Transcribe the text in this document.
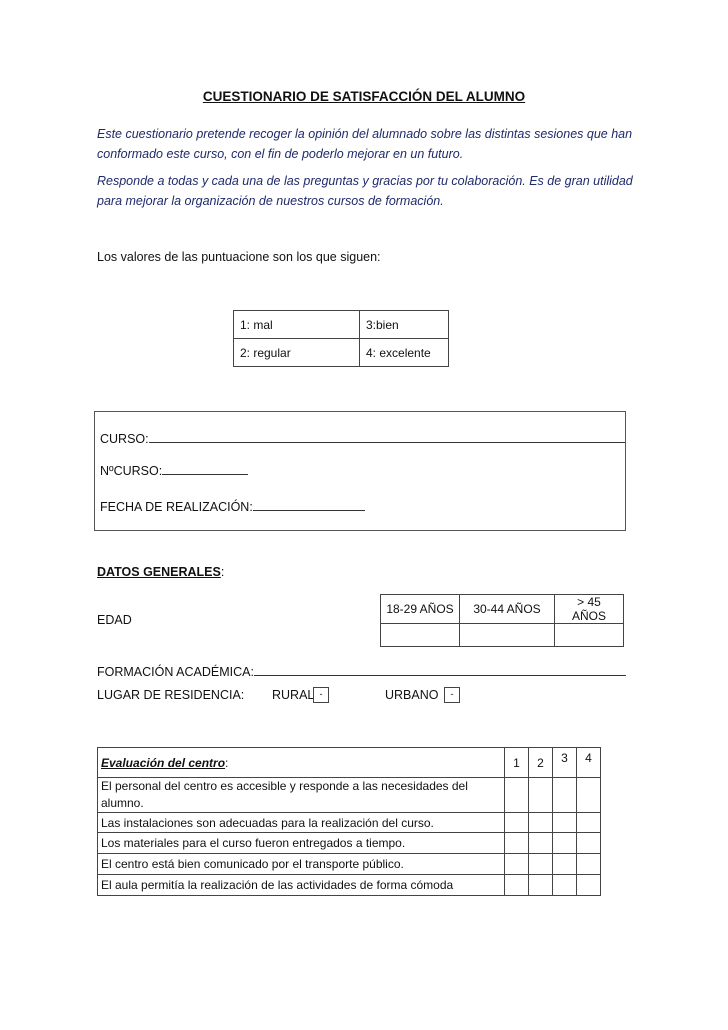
CUESTIONARIO DE SATISFACCIÓN DEL ALUMNO
Este cuestionario pretende recoger la opinión del alumnado sobre las distintas sesiones que han conformado este curso, con el fin de poderlo mejorar en un futuro.
Responde a todas y cada una de las preguntas y gracias por tu colaboración. Es de gran utilidad para mejorar la organización de nuestros cursos de formación.
Los valores de las puntuacione son los que siguen:
1: mal	3:bien
2: regular	4: excelente
CURSO:
NºCURSO:
FECHA DE REALIZACIÓN:
DATOS GENERALES:
EDAD
18-29 AÑOS	30-44 AÑOS	> 45 AÑOS

FORMACIÓN ACADÉMICA:
LUGAR DE RESIDENCIA: RURAL -	URBANO	-
Evaluación del centro:	1	2	3	4
El personal del centro es accesible y responde a las necesidades del alumno.				
Las instalaciones son adecuadas para la realización del curso.				
Los materiales para el curso fueron entregados a tiempo.				
El centro está bien comunicado por el transporte público.				
El aula permitía la realización de las actividades de forma cómoda				
